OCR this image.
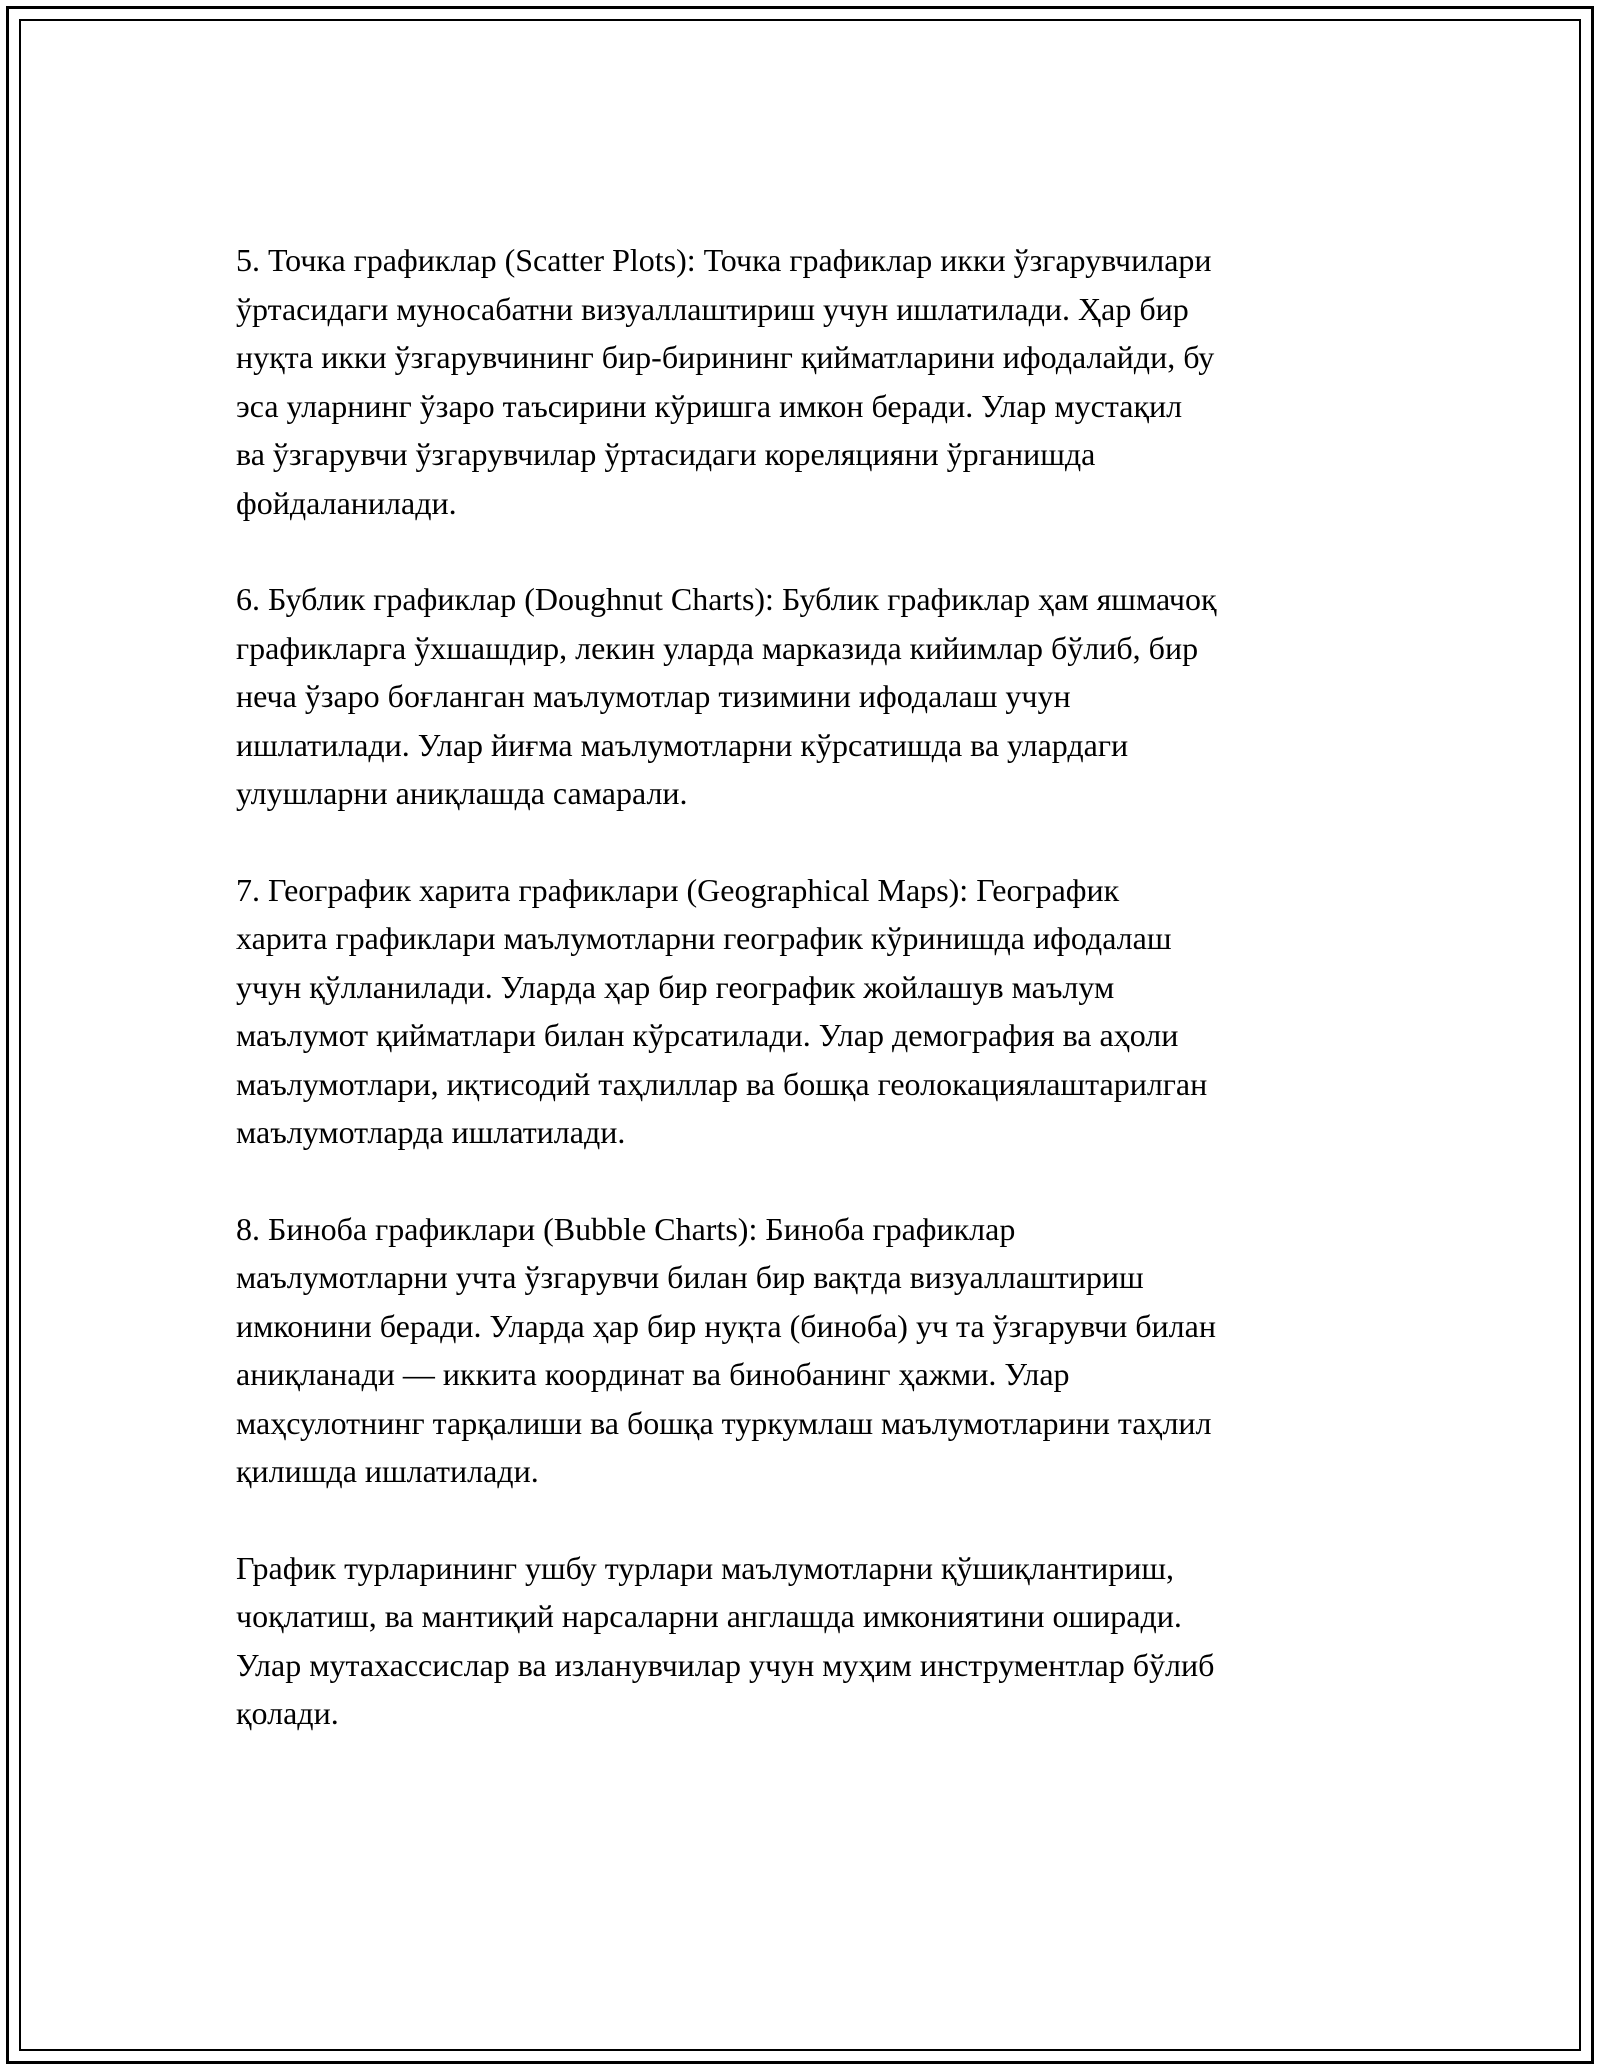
5. Точка графиклар (Scatter Plots): Точка графиклар икки ўзгарувчилари
ўртасидаги муносабатни визуаллаштириш учун ишлатилади. Ҳар бир
нуқта икки ўзгарувчининг бир-бирининг қийматларини ифодалайди, бу
эса уларнинг ўзаро таъсирини кўришга имкон беради. Улар мустақил
ва ўзгарувчи ўзгарувчилар ўртасидаги кореляцияни ўрганишда
фойдаланилади.

6. Бублик графиклар (Doughnut Charts): Бублик графиклар ҳам яшмачоқ
графикларга ўхшашдир, лекин уларда марказида кийимлар бўлиб, бир
неча ўзаро боғланган маълумотлар тизимини ифодалаш учун
ишлатилади. Улар йиғма маълумотларни кўрсатишда ва улардаги
улушларни аниқлашда самарали.

7. Географик харита графиклари (Geographical Maps): Географик
харита графиклари маълумотларни географик кўринишда ифодалаш
учун қўлланилади. Уларда ҳар бир географик жойлашув маълум
маълумот қийматлари билан кўрсатилади. Улар демография ва аҳоли
маълумотлари, иқтисодий таҳлиллар ва бошқа геолокациялаштарилган
маълумотларда ишлатилади.

8. Бинoба графиклари (Bubble Charts): Бинoба графиклар
маълумотларни учта ўзгарувчи билан бир вақтда визуаллаштириш
имконини беради. Уларда ҳар бир нуқта (бинoба) уч та ўзгарувчи билан
аниқланади — иккита координат ва бинoбанинг ҳажми. Улар
маҳсулотнинг тарқалиши ва бошқа туркумлаш маълумотларини таҳлил
қилишда ишлатилади.

График турларининг ушбу турлари маълумотларни қўшиқлантириш,
чоқлатиш, ва мантиқий нарсаларни англашда имкониятини оширади.
Улар мутахассислар ва изланувчилар учун муҳим инструментлар бўлиб
қолади.
